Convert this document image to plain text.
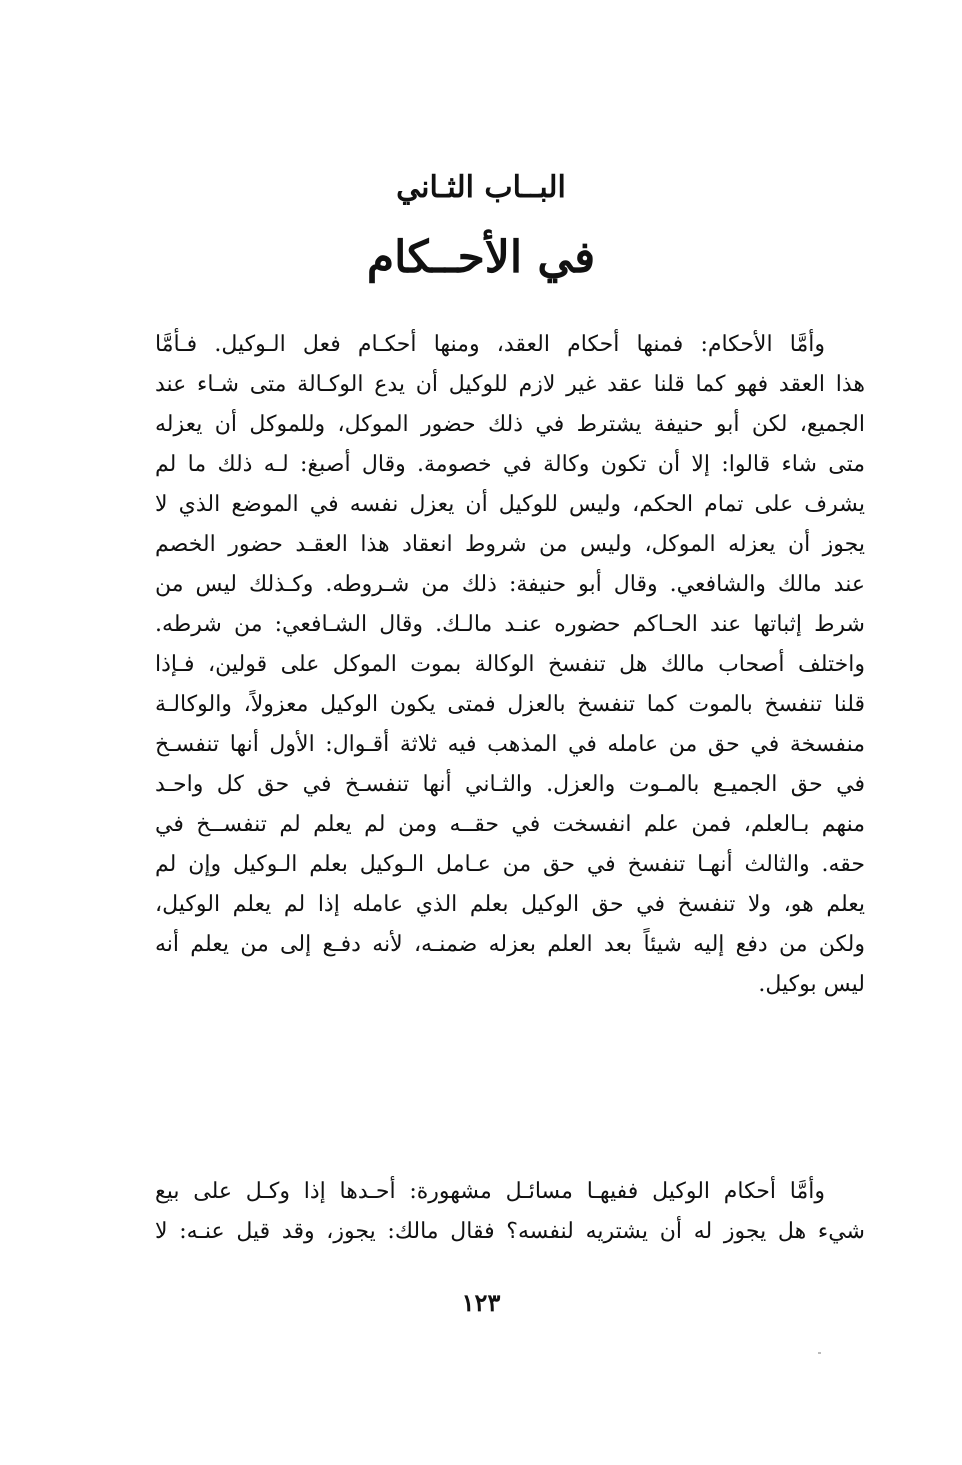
البــاب الثـاني
في الأحــكام
وأمَّا الأحكام: فمنها أحكام العقد، ومنها أحكـام فعل الـوكيل. فـأمَّا
هذا العقد فهو كما قلنا عقد غير لازم للوكيل أن يدع الوكـالة متى شـاء عند
الجميع، لكن أبو حنيفة يشترط في ذلك حضور الموكل، وللموكل أن يعزله
متى شاء قالوا: إلا أن تكون وكالة في خصومة. وقال أصبغ: لـه ذلك ما لم
يشرف على تمام الحكم، وليس للوكيل أن يعزل نفسه في الموضع الذي لا
يجوز أن يعزله الموكل، وليس من شروط انعقاد هذا العقـد حضور الخصم
عند مالك والشافعي. وقال أبو حنيفة: ذلك من شـروطه. وكـذلك ليس من
شرط إثباتها عند الحـاكم حضوره عنـد مالـك. وقال الشـافعي: من شرطه.
واختلف أصحاب مالك هل تنفسخ الوكالة بموت الموكل على قولين، فـإذا
قلنا تنفسخ بالموت كما تنفسخ بالعزل فمتى يكون الوكيل معزولاً، والوكالـة
منفسخة في حق من عامله في المذهب فيه ثلاثة أقـوال: الأول أنها تنفسـخ
في حق الجميـع بالمـوت والعزل. والثـاني أنها تنفسـخ في حق كل واحـد
منهم بـالعلم، فمن علم انفسخت في حقــه ومن لم يعلم لم تنفســخ في
حقه. والثالث أنهـا تنفسخ في حق من عـامل الـوكيل بعلم الـوكيل وإن لم
يعلم هو، ولا تنفسخ في حق الوكيل بعلم الذي عامله إذا لم يعلم الوكيل،
ولكن من دفع إليه شيئاً بعد العلم بعزله ضمنـه، لأنه دفـع إلى من يعلم أنه
ليس بوكيل.
وأمَّا أحكام الوكيل ففيهـا مسائـل مشهورة: أحـدها إذا وكـل على بيع
شيء هل يجوز له أن يشتريه لنفسه؟ فقال مالك: يجوز، وقد قيل عنـه: لا
١٢٣
